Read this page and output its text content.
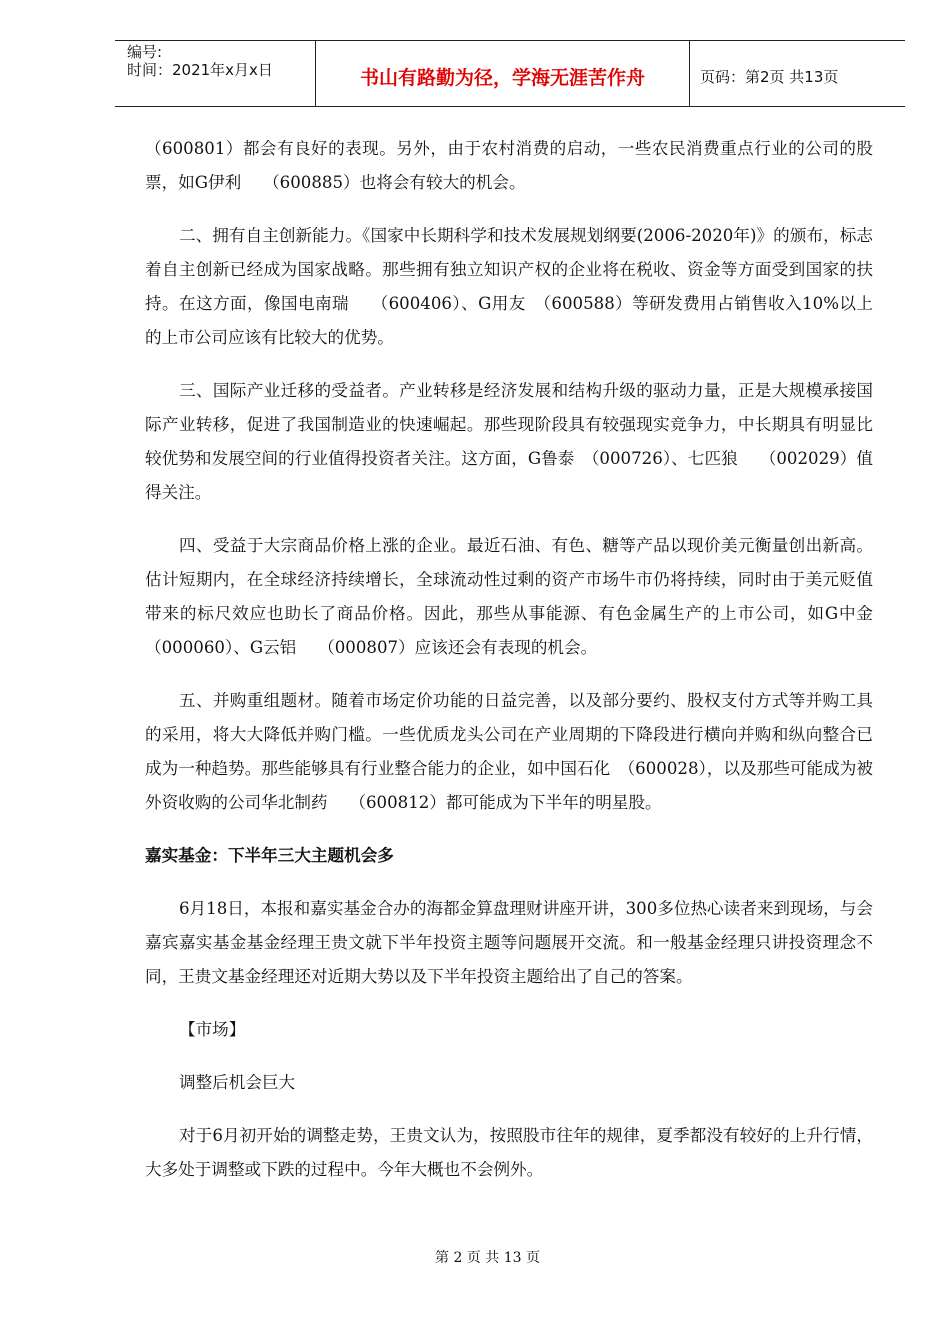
编号:
时间：2021年x月x日	书山有路勤为径，学海无涯苦作舟	页码：第2页 共13页

（600801）都会有良好的表现。另外，由于农村消费的启动，一些农民消费重点行业的公司的股票，如G伊利　 （600885）也将会有较大的机会。

二、拥有自主创新能力。《国家中长期科学和技术发展规划纲要(2006-2020年)》的颁布，标志着自主创新已经成为国家战略。那些拥有独立知识产权的企业将在税收、资金等方面受到国家的扶持。在这方面，像国电南瑞　 （600406）、G用友　（600588）等研发费用占销售收入10%以上的上市公司应该有比较大的优势。

三、国际产业迁移的受益者。产业转移是经济发展和结构升级的驱动力量，正是大规模承接国际产业转移，促进了我国制造业的快速崛起。那些现阶段具有较强现实竞争力，中长期具有明显比较优势和发展空间的行业值得投资者关注。这方面，G鲁泰　（000726）、七匹狼　 （002029）值得关注。

四、受益于大宗商品价格上涨的企业。最近石油、有色、糖等产品以现价美元衡量创出新高。估计短期内，在全球经济持续增长，全球流动性过剩的资产市场牛市仍将持续，同时由于美元贬值带来的标尺效应也助长了商品价格。因此，那些从事能源、有色金属生产的上市公司，如G中金　 （000060）、G云铝　 （000807）应该还会有表现的机会。

五、并购重组题材。随着市场定价功能的日益完善，以及部分要约、股权支付方式等并购工具的采用，将大大降低并购门槛。一些优质龙头公司在产业周期的下降段进行横向并购和纵向整合已成为一种趋势。那些能够具有行业整合能力的企业，如中国石化　（600028），以及那些可能成为被外资收购的公司华北制药　 （600812）都可能成为下半年的明星股。

嘉实基金：下半年三大主题机会多

6月18日，本报和嘉实基金合办的海都金算盘理财讲座开讲，300多位热心读者来到现场，与会嘉宾嘉实基金基金经理王贵文就下半年投资主题等问题展开交流。和一般基金经理只讲投资理念不同，王贵文基金经理还对近期大势以及下半年投资主题给出了自己的答案。

【市场】

调整后机会巨大

对于6月初开始的调整走势，王贵文认为，按照股市往年的规律，夏季都没有较好的上升行情，大多处于调整或下跌的过程中。今年大概也不会例外。

第 2 页 共 13 页
